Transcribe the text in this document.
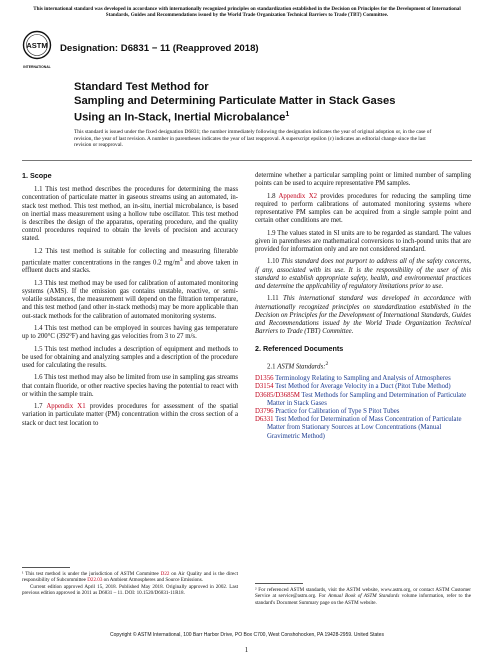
This international standard was developed in accordance with internationally recognized principles on standardization established in the Decision on Principles for the Development of International Standards, Guides and Recommendations issued by the World Trade Organization Technical Barriers to Trade (TBT) Committee.
ASTM
INTERNATIONAL
Designation: D6831 − 11 (Reapproved 2018)
Standard Test Method for
Sampling and Determining Particulate Matter in Stack Gases
Using an In-Stack, Inertial Microbalance$^1$
This standard is issued under the fixed designation D6831; the number immediately following the designation indicates the year of original adoption or, in the case of revision, the year of last revision. A number in parentheses indicates the year of last reapproval. A superscript epsilon (ε) indicates an editorial change since the last revision or reapproval.
1. Scope

1.1 This test method describes the procedures for determining the mass concentration of particulate matter in gaseous streams using an automated, in-stack test method. This test method, an in-situ, inertial microbalance, is based on inertial mass measurement using a hollow tube oscillator. This test method is describes the design of the apparatus, operating procedure, and the quality control procedures required to obtain the levels of precision and accuracy stated.

1.2 This test method is suitable for collecting and measuring filterable particulate matter concentrations in the ranges 0.2 $mg/m^3$ and above taken in effluent ducts and stacks.

1.3 This test method may be used for calibration of automated monitoring systems (AMS). If the emission gas contains unstable, reactive, or semi-volatile substances, the measurement will depend on the filtration temperature, and this test method (and other in-stack methods) may be more applicable than out-stack methods for the calibration of automated monitoring systems.

1.4 This test method can be employed in sources having gas temperature up to 200°C (392°F) and having gas velocities from 3 to 27 m/s.

1.5 This test method includes a description of equipment and methods to be used for obtaining and analyzing samples and a description of the procedure used for calculating the results.

1.6 This test method may also be limited from use in sampling gas streams that contain fluoride, or other reactive species having the potential to react with or within the sample train.

1.7 Appendix X1 provides procedures for assessment of the spatial variation in particulate matter (PM) concentration within the cross section of a stack or duct test location to

¹ This test method is under the jurisdiction of ASTM Committee D22 on Air Quality and is the direct responsibility of Subcommittee D22.03 on Ambient Atmospheres and Source Emissions.
Current edition approved April 15, 2018. Published May 2018. Originally approved in 2002. Last previous edition approved in 2011 as D6831 – 11. DOI: 10.1520/D6831-11R18.

determine whether a particular sampling point or limited number of sampling points can be used to acquire representative PM samples.

1.8 Appendix X2 provides procedures for reducing the sampling time required to perform calibrations of automated monitoring systems where representative PM samples can be acquired from a single sample point and certain other conditions are met.

1.9 The values stated in SI units are to be regarded as standard. The values given in parentheses are mathematical conversions to inch-pound units that are provided for information only and are not considered standard.

1.10 This standard does not purport to address all of the safety concerns, if any, associated with its use. It is the responsibility of the user of this standard to establish appropriate safety, health, and environmental practices and determine the applicability of regulatory limitations prior to use.

1.11 This international standard was developed in accordance with internationally recognized principles on standardization established in the Decision on Principles for the Development of International Standards, Guides and Recommendations issued by the World Trade Organization Technical Barriers to Trade (TBT) Committee.

2. Referenced Documents

2.1 ASTM Standards:$^2$

D1356 Terminology Relating to Sampling and Analysis of Atmospheres
D3154 Test Method for Average Velocity in a Duct (Pitot Tube Method)
D3685/D3685M Test Methods for Sampling and Determination of Particulate Matter in Stack Gases
D3796 Practice for Calibration of Type S Pitot Tubes
D6331 Test Method for Determination of Mass Concentration of Particulate Matter from Stationary Sources at Low Concentrations (Manual Gravimetric Method)
² For referenced ASTM standards, visit the ASTM website, www.astm.org, or contact ASTM Customer Service at service@astm.org. For Annual Book of ASTM Standards volume information, refer to the standard's Document Summary page on the ASTM website.
Copyright © ASTM International, 100 Barr Harbor Drive, PO Box C700, West Conshohocken, PA 19428-2959. United States
1
